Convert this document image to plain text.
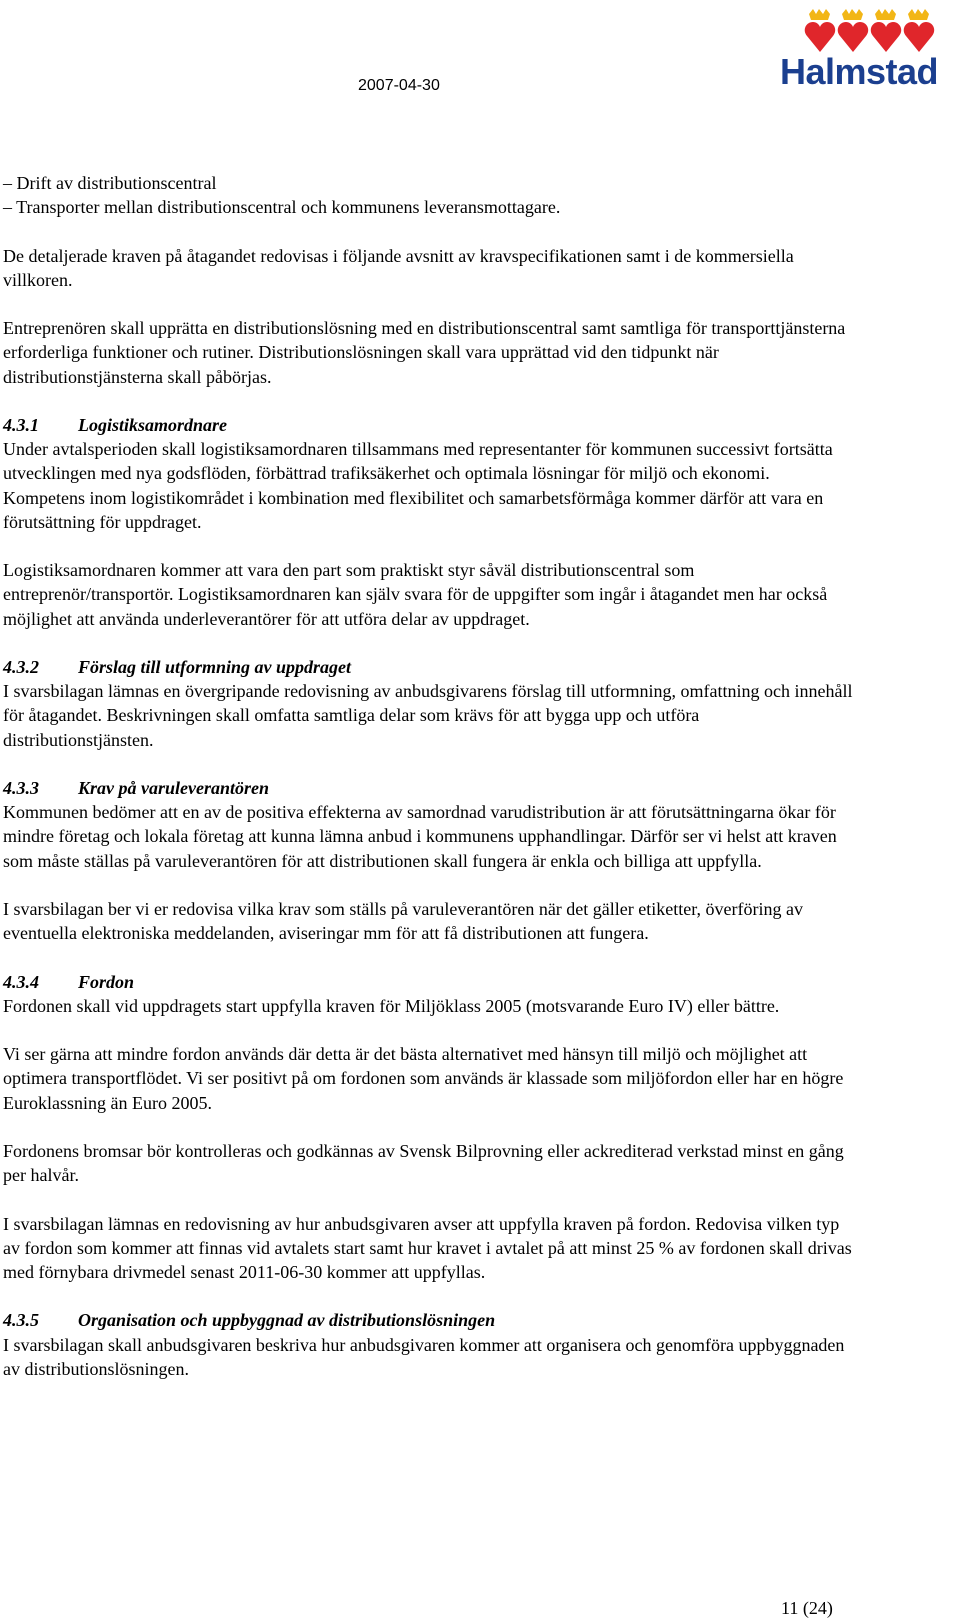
2007-04-30	Halmstad

– Drift av distributionscentral

– Transporter mellan distributionscentral och kommunens leveransmottagare.

De detaljerade kraven på åtagandet redovisas i följande avsnitt av kravspecifikationen samt i de kommersiella villkoren.

Entreprenören skall upprätta en distributionslösning med en distributionscentral samt samtliga för transporttjänsterna erforderliga funktioner och rutiner. Distributionslösningen skall vara upprättad vid den tidpunkt när distributionstjänsterna skall påbörjas.

4.3.1 Logistiksamordnare

Under avtalsperioden skall logistiksamordnaren tillsammans med representanter för kommunen successivt fortsätta utvecklingen med nya godsflöden, förbättrad trafiksäkerhet och optimala lösningar för miljö och ekonomi. Kompetens inom logistikområdet i kombination med flexibilitet och samarbetsförmåga kommer därför att vara en förutsättning för uppdraget.

Logistiksamordnaren kommer att vara den part som praktiskt styr såväl distributionscentral som entreprenör/transportör. Logistiksamordnaren kan själv svara för de uppgifter som ingår i åtagandet men har också möjlighet att använda underleverantörer för att utföra delar av uppdraget.

4.3.2 Förslag till utformning av uppdraget

I svarsbilagan lämnas en övergripande redovisning av anbudsgivarens förslag till utformning, omfattning och innehåll för åtagandet. Beskrivningen skall omfatta samtliga delar som krävs för att bygga upp och utföra distributionstjänsten.

4.3.3 Krav på varuleverantören

Kommunen bedömer att en av de positiva effekterna av samordnad varudistribution är att förutsättningarna ökar för mindre företag och lokala företag att kunna lämna anbud i kommunens upphandlingar. Därför ser vi helst att kraven som måste ställas på varuleverantören för att distributionen skall fungera är enkla och billiga att uppfylla.

I svarsbilagan ber vi er redovisa vilka krav som ställs på varuleverantören när det gäller etiketter, överföring av eventuella elektroniska meddelanden, aviseringar mm för att få distributionen att fungera.

4.3.4 Fordon

Fordonen skall vid uppdragets start uppfylla kraven för Miljöklass 2005 (motsvarande Euro IV) eller bättre.

Vi ser gärna att mindre fordon används där detta är det bästa alternativet med hänsyn till miljö och möjlighet att optimera transportflödet. Vi ser positivt på om fordonen som används är klassade som miljöfordon eller har en högre Euroklassning än Euro 2005.

Fordonens bromsar bör kontrolleras och godkännas av Svensk Bilprovning eller ackrediterad verkstad minst en gång per halvår.

I svarsbilagan lämnas en redovisning av hur anbudsgivaren avser att uppfylla kraven på fordon. Redovisa vilken typ av fordon som kommer att finnas vid avtalets start samt hur kravet i avtalet på att minst 25 % av fordonen skall drivas med förnybara drivmedel senast 2011-06-30 kommer att uppfyllas.

4.3.5 Organisation och uppbyggnad av distributionslösningen

I svarsbilagan skall anbudsgivaren beskriva hur anbudsgivaren kommer att organisera och genomföra uppbyggnaden av distributionslösningen.

11 (24)
